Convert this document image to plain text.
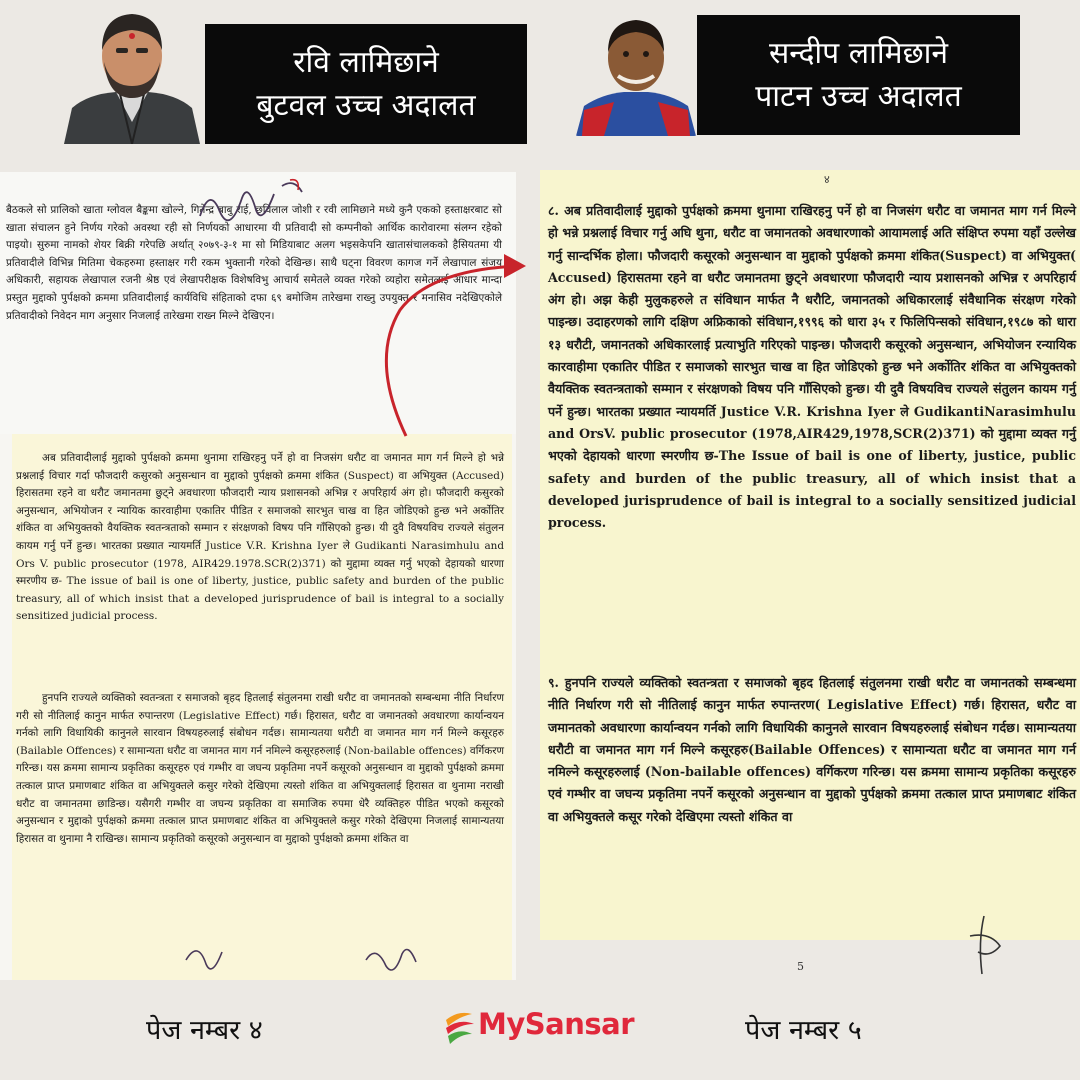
रवि लामिछाने
बुटवल उच्च अदालत
सन्दीप लामिछाने
पाटन उच्च अदालत

बैठकले सो प्रालिको खाता ग्लोवल बैङ्कमा खोल्ने, गितेन्द्र बाबु राई, छविलाल जोशी र रवी लामिछाने मध्ये कुनै एकको हस्ताक्षरबाट सो खाता संचालन हुने निर्णय गरेको अवस्था रही सो निर्णयको आधारमा यी प्रतिवादी सो कम्पनीको आर्थिक कारोवारमा संलग्न रहेको पाइयो। सुरुमा नामको शेयर बिक्री गरेपछि अर्थात् २०७९-३-१ मा सो मिडियाबाट अलग भइसकेपनि खातासंचालकको हैसियतमा यी प्रतिवादीले विभिन्न मितिमा चेकहरुमा हस्ताक्षर गरी रकम भुक्तानी गरेको देखिन्छ। साथै घट्ना विवरण कागज गर्ने लेखापाल संजय अधिकारी, सहायक लेखापाल रजनी श्रेष्ठ एवं लेखापरीक्षक विशेषविभु आचार्य समेतले व्यक्त गरेको व्यहोरा समेतलाई आधार मान्दा प्रस्तुत मुद्दाको पुर्पक्षको क्रममा प्रतिवादीलाई कार्यविधि संहिताको दफा ६९ बमोजिम तारेखमा राख्नु उपयुक्त र मनासिव नदेखिएकोले प्रतिवादीको निवेदन माग अनुसार निजलाई तारेखमा राख्न मिल्ने देखिएन।

अब प्रतिवादीलाई मुद्दाको पुर्पक्षको क्रममा थुनामा राखिरहनु पर्ने हो वा निजसंग धरौट वा जमानत माग गर्न मिल्ने हो भन्ने प्रश्नलाई विचार गर्दा फौजदारी कसुरको अनुसन्धान वा मुद्दाको पुर्पक्षको क्रममा शंकित (Suspect) वा अभियुक्त (Accused) हिरासतमा रहने वा धरौट जमानतमा छुट्ने अवधारणा फौजदारी न्याय प्रशासनको अभिन्न र अपरिहार्य अंग हो। फौजदारी कसुरको अनुसन्धान, अभियोजन र न्यायिक कारवाहीमा एकातिर पीडित र समाजको सारभुत चाख वा हित जोडिएको हुन्छ भने अर्कोतिर शंकित वा अभियुक्तको वैयक्तिक स्वतन्त्रताको सम्मान र संरक्षणको विषय पनि गाँसिएको हुन्छ। यी दुवै विषयविच राज्यले संतुलन कायम गर्नु पर्ने हुन्छ। भारतका प्रख्यात न्यायमर्ति Justice V.R. Krishna Iyer ले Gudikanti Narasimhulu and Ors V. public prosecutor (1978, AIR429.1978.SCR(2)371) को मुद्दामा व्यक्त गर्नु भएको देहायको धारणा स्मरणीय छ- The issue of bail is one of liberty, justice, public safety and burden of the public treasury, all of which insist that a developed jurisprudence of bail is integral to a socially sensitized judicial process.

हुनपनि राज्यले व्यक्तिको स्वतन्त्रता र समाजको बृहद हितलाई संतुलनमा राखी धरौट वा जमानतको सम्बन्धमा नीति निर्धारण गरी सो नीतिलाई कानुन मार्फत रुपान्तरण (Legislative Effect) गर्छ। हिरासत, धरौट वा जमानतको अवधारणा कार्यान्वयन गर्नको लागि विधायिकी कानुनले सारवान विषयहरुलाई संबोधन गर्दछ। सामान्यतया धरौटी वा जमानत माग गर्न मिल्ने कसूरहरु (Bailable Offences) र सामान्यता धरौट वा जमानत माग गर्न नमिल्ने कसूरहरुलाई (Non-bailable offences) वर्गिकरण गरिन्छ। यस क्रममा सामान्य प्रकृतिका कसूरहरु एवं गम्भीर वा जघन्य प्रकृतिमा नपर्ने कसूरको अनुसन्धान वा मुद्दाको पुर्पक्षको क्रममा तत्काल प्राप्त प्रमाणबाट शंकित वा अभियुक्तले कसुर गरेको देखिएमा त्यस्तो शंकित वा अभियुक्तलाई हिरासत वा थुनामा नराखी धरौट वा जमानतमा छाडिन्छ। यसैगरी गम्भीर वा जघन्य प्रकृतिका वा समाजिक रुपमा धेरै व्यक्तिहरु पीडित भएको कसूरको अनुसन्धान र मुद्दाको पुर्पक्षको क्रममा तत्काल प्राप्त प्रमाणबाट शंकित वा अभियुक्तले कसुर गरेको देखिएमा निजलाई सामान्यतया हिरासत वा थुनामा नै राखिन्छ। सामान्य प्रकृतिको कसूरको अनुसन्धान वा मुद्दाको पुर्पक्षको क्रममा शंकित वा

८. अब प्रतिवादीलाई मुद्दाको पुर्पक्षको क्रममा थुनामा राखिरहनु पर्ने हो वा निजसंग धरौट वा जमानत माग गर्न मिल्ने हो भन्ने प्रश्नलाई विचार गर्नु अघि थुना, धरौट वा जमानतको अवधारणाको आयामलाई अति संक्षिप्त रुपमा यहाँ उल्लेख गर्नु सान्दर्भिक होला। फौजदारी कसूरको अनुसन्धान वा मुद्दाको पुर्पक्षको क्रममा शंकित(Suspect) वा अभियुक्त( Accused) हिरासतमा रहने वा धरौट जमानतमा छुट्ने अवधारणा फौजदारी न्याय प्रशासनको अभिन्न र अपरिहार्य अंग हो। अझ केही मुलुकहरुले त संविधान मार्फत नै धरौटि, जमानतको अधिकारलाई संवैधानिक संरक्षण गरेको पाइन्छ। उदाहरणको लागि दक्षिण अफ्रिकाको संविधान,१९९६ को धारा ३५ र फिलिपिन्सको संविधान,१९८७ को धारा १३ धरौटी, जमानतको अधिकारलाई प्रत्याभुति गरिएको पाइन्छ। फौजदारी कसूरको अनुसन्धान, अभियोजन रन्यायिक कारवाहीमा एकातिर पीडित र समाजको सारभुत चाख वा हित जोडिएको हुन्छ भने अर्कोतिर शंकित वा अभियुक्तको वैयक्तिक स्वतन्त्रताको सम्मान र संरक्षणको विषय पनि गाँसिएको हुन्छ। यी दुवै विषयविच राज्यले संतुलन कायम गर्नु पर्ने हुन्छ। भारतका प्रख्यात न्यायमर्ति Justice V.R. Krishna Iyer ले GudikantiNarasimhulu and OrsV. public prosecutor (1978,AIR429,1978,SCR(2)371) को मुद्दामा व्यक्त गर्नु भएको देहायको धारणा स्मरणीय छ-The Issue of bail is one of liberty, justice, public safety and burden of the public treasury, all of which insist that a developed jurisprudence of bail is integral to a socially sensitized judicial process.

९. हुनपनि राज्यले व्यक्तिको स्वतन्त्रता र समाजको बृहद हितलाई संतुलनमा राखी धरौट वा जमानतको सम्बन्धमा नीति निर्धारण गरी सो नीतिलाई कानुन मार्फत रुपान्तरण( Legislative Effect) गर्छ। हिरासत, धरौट वा जमानतको अवधारणा कार्यान्वयन गर्नको लागि विधायिकी कानुनले सारवान विषयहरुलाई संबोधन गर्दछ। सामान्यतया धरौटी वा जमानत माग गर्न मिल्ने कसूरहरु(Bailable Offences) र सामान्यता धरौट वा जमानत माग गर्न नमिल्ने कसूरहरुलाई (Non-bailable offences) वर्गिकरण गरिन्छ। यस क्रममा सामान्य प्रकृतिका कसूरहरु एवं गम्भीर वा जघन्य प्रकृतिमा नपर्ने कसूरको अनुसन्धान वा मुद्दाको पुर्पक्षको क्रममा तत्काल प्राप्त प्रमाणबाट शंकित वा अभियुक्तले कसूर गरेको देखिएमा त्यस्तो शंकित वा

४
5
पेज नम्बर ४	MySansar	पेज नम्बर ५
